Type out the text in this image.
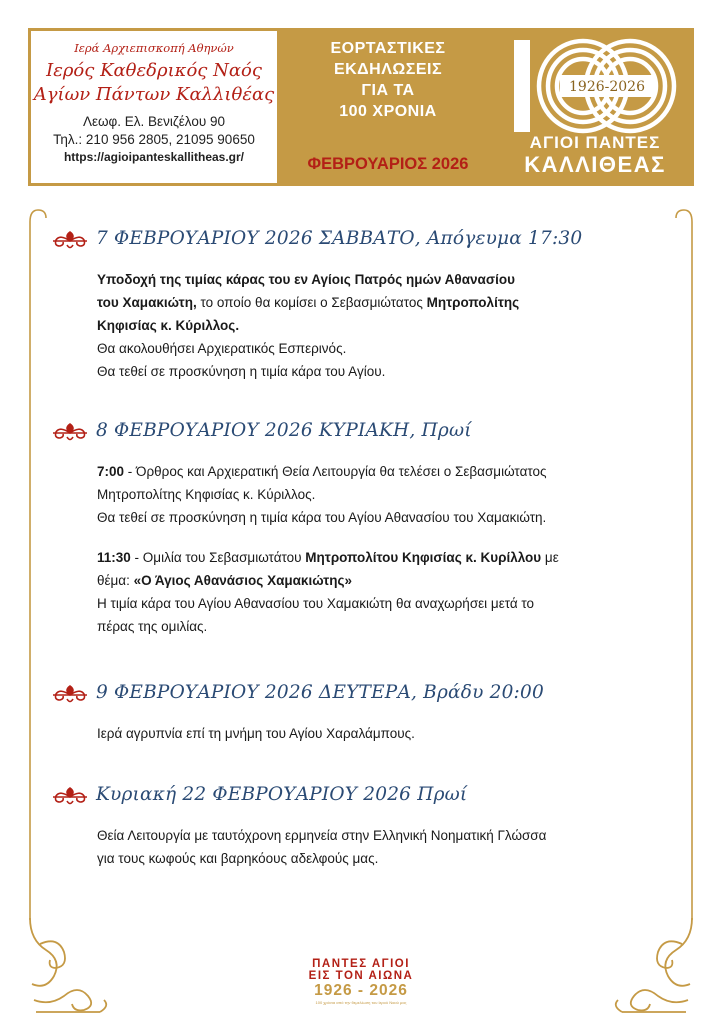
Ιερά Αρχιεπισκοπή Αθηνών
Ιερός Καθεδρικός Ναός
Αγίων Πάντων Καλλιθέας
Λεωφ. Ελ. Βενιζέλου 90
Τηλ.: 210 956 2805, 21095 90650
https://agioipanteskallitheas.gr/
ΕΟΡΤΑΣΤΙΚΕΣ
ΕΚΔΗΛΩΣΕΙΣ
ΓΙΑ ΤΑ
100 ΧΡΟΝΙΑ
ΦΕΒΡΟΥΑΡΙΟΣ 2026
1926-2026
ΑΓΙΟΙ ΠΑΝΤΕΣ
ΚΑΛΛΙΘΕΑΣ
7 ΦΕΒΡΟΥΑΡΙΟΥ 2026 ΣΑΒΒΑΤΟ, Απόγευμα 17:30

Υποδοχή της τιμίας κάρας του εν Αγίοις Πατρός ημών Αθανασίου

του Χαμακιώτη, το οποίο θα κομίσει ο Σεβασμιώτατος Μητροπολίτης

Κηφισίας κ. Κύριλλος.

Θα ακολουθήσει Αρχιερατικός Εσπερινός.

Θα τεθεί σε προσκύνηση η τιμία κάρα του Αγίου.

8 ΦΕΒΡΟΥΑΡΙΟΥ 2026 ΚΥΡΙΑΚΗ, Πρωί

7:00 - Όρθρος και Αρχιερατική Θεία Λειτουργία θα τελέσει ο Σεβασμιώτατος

Μητροπολίτης Κηφισίας κ. Κύριλλος.

Θα τεθεί σε προσκύνηση η τιμία κάρα του Αγίου Αθανασίου του Χαμακιώτη.

11:30 - Ομιλία του Σεβασμιωτάτου Μητροπολίτου Κηφισίας κ. Κυρίλλου με

θέμα: «Ο Άγιος Αθανάσιος Χαμακιώτης»

Η τιμία κάρα του Αγίου Αθανασίου του Χαμακιώτη θα αναχωρήσει μετά το

πέρας της ομιλίας.

9 ΦΕΒΡΟΥΑΡΙΟΥ 2026 ΔΕΥΤΕΡΑ, Βράδυ 20:00

Ιερά αγρυπνία επί τη μνήμη του Αγίου Χαραλάμπους.

Κυριακή 22 ΦΕΒΡΟΥΑΡΙΟΥ 2026 Πρωί

Θεία Λειτουργία με ταυτόχρονη ερμηνεία στην Ελληνική Νοηματική Γλώσσα

για τους κωφούς και βαρηκόους αδελφούς μας.

ΠΑΝΤΕΣ ΑΓΙΟΙ
ΕΙΣ ΤΟΝ ΑΙΩΝΑ
1926 - 2026
100 χρόνια από την θεμελίωση του Ιερού Ναού μας
